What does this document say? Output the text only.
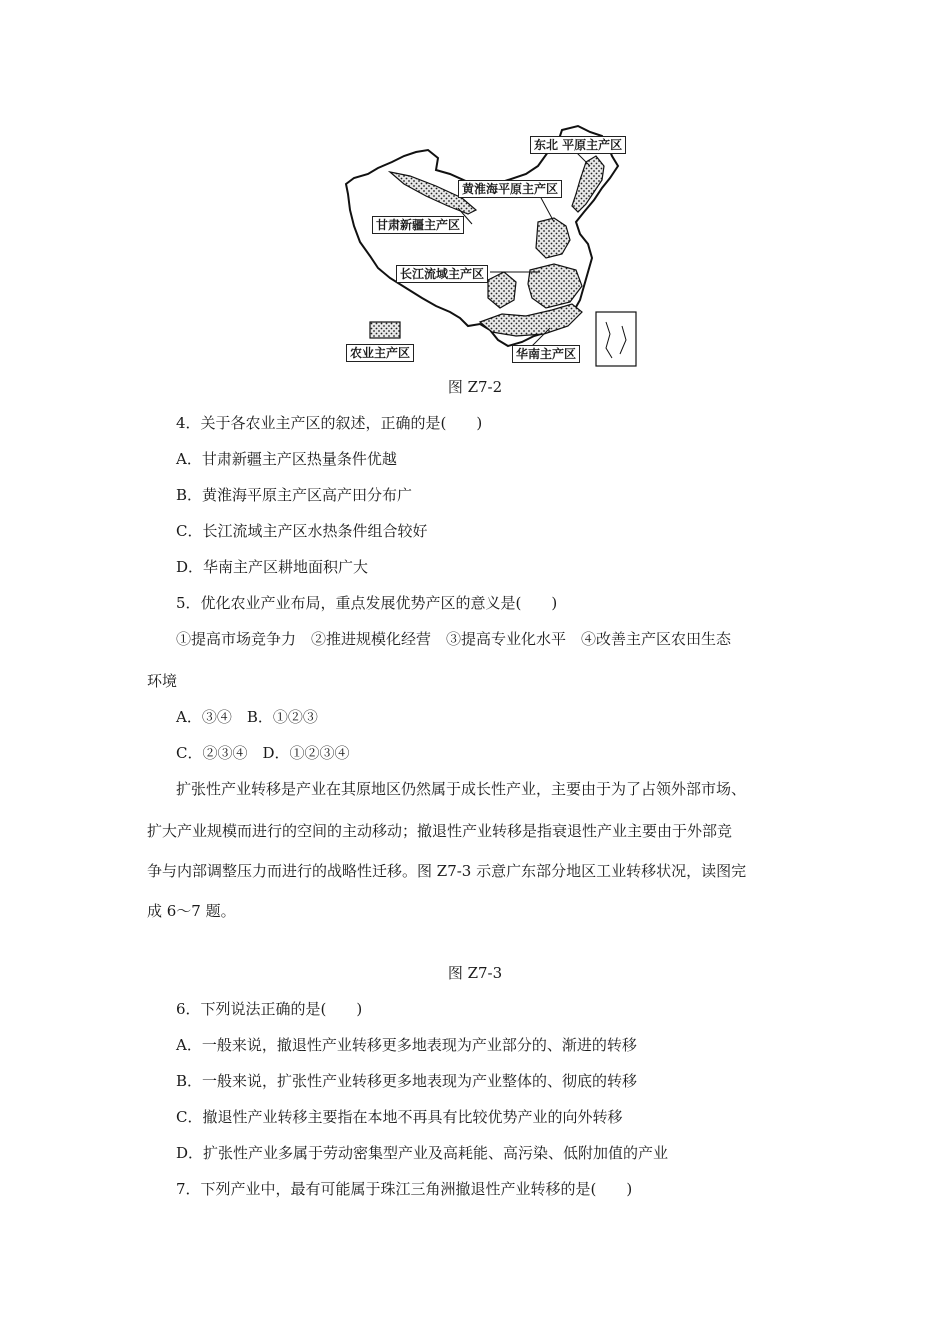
东北 平原主产区
黄淮海平原主产区
甘肃新疆主产区
长江流域主产区
华南主产区
农业主产区
图 Z7-2
4．关于各农业主产区的叙述，正确的是(　　)
A．甘肃新疆主产区热量条件优越
B．黄淮海平原主产区高产田分布广
C．长江流域主产区水热条件组合较好
D．华南主产区耕地面积广大
5．优化农业产业布局，重点发展优势产区的意义是(　　)
①提高市场竞争力　②推进规模化经营　③提高专业化水平　④改善主产区农田生态
环境
A．③④　B．①②③
C．②③④　D．①②③④
扩张性产业转移是产业在其原地区仍然属于成长性产业，主要由于为了占领外部市场、
扩大产业规模而进行的空间的主动移动；撤退性产业转移是指衰退性产业主要由于外部竞
争与内部调整压力而进行的战略性迁移。图 Z7-3 示意广东部分地区工业转移状况，读图完
成 6～7 题。
图 Z7-3
6．下列说法正确的是(　　)
A．一般来说，撤退性产业转移更多地表现为产业部分的、渐进的转移
B．一般来说，扩张性产业转移更多地表现为产业整体的、彻底的转移
C．撤退性产业转移主要指在本地不再具有比较优势产业的向外转移
D．扩张性产业多属于劳动密集型产业及高耗能、高污染、低附加值的产业
7．下列产业中，最有可能属于珠江三角洲撤退性产业转移的是(　　)
